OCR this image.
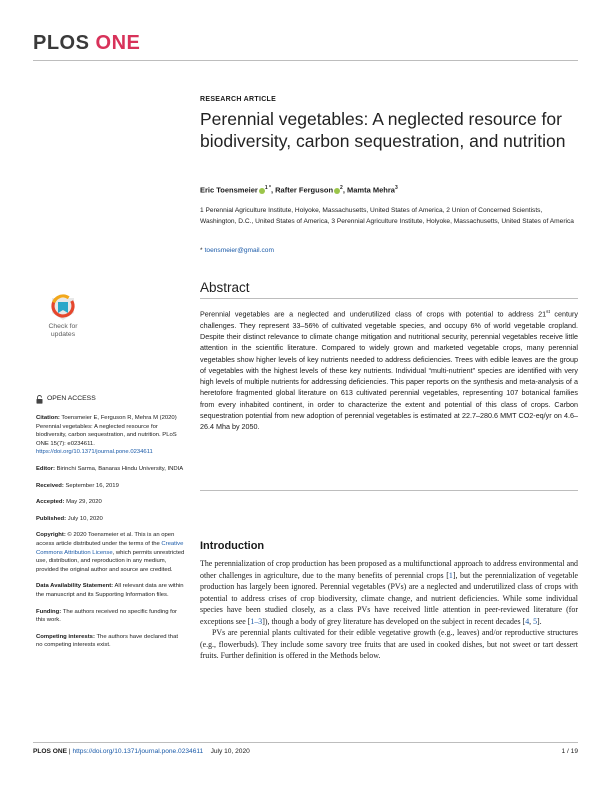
PLOS ONE
RESEARCH ARTICLE
Perennial vegetables: A neglected resource for biodiversity, carbon sequestration, and nutrition
Eric Toensmeier $^{1 *}$, Rafter Ferguson $^2$, Mamta Mehra$^3$
1 Perennial Agriculture Institute, Holyoke, Massachusetts, United States of America, 2 Union of Concerned Scientists, Washington, D.C., United States of America, 3 Perennial Agriculture Institute, Holyoke, Massachusetts, United States of America
* toensmeier@gmail.com
Abstract
Perennial vegetables are a neglected and underutilized class of crops with potential to address 21st century challenges. They represent 33–56% of cultivated vegetable species, and occupy 6% of world vegetable cropland. Despite their distinct relevance to climate change mitigation and nutritional security, perennial vegetables receive little attention in the scientific literature. Compared to widely grown and marketed vegetable crops, many perennial vegetables show higher levels of key nutrients needed to address deficiencies. Trees with edible leaves are the group of vegetables with the highest levels of these key nutrients. Individual “multi-nutrient” species are identified with very high levels of multiple nutrients for addressing deficiencies. This paper reports on the synthesis and meta-analysis of a heretofore fragmented global literature on 613 cultivated perennial vegetables, representing 107 botanical families from every inhabited continent, in order to characterize the extent and potential of this class of crops. Carbon sequestration potential from new adoption of perennial vegetables is estimated at 22.7–280.6 MMT CO2-eq/yr on 4.6–26.4 Mha by 2050.
Introduction

The perennialization of crop production has been proposed as a multifunctional approach to address environmental and other challenges in agriculture, due to the many benefits of perennial crops [1], but the perennialization of vegetable production has largely been ignored. Perennial vegetables (PVs) are a neglected and underutilized class of crops with potential to address crises of crop biodiversity, climate change, and nutrient deficiencies. While some individual species have been studied closely, as a class PVs have received little attention in peer-reviewed literature (for exceptions see [1–3]), though a body of grey literature has developed on the subject in recent decades [4, 5].

PVs are perennial plants cultivated for their edible vegetative growth (e.g., leaves) and/or reproductive structures (e.g., flowerbuds). They include some savory tree fruits that are used in cooked dishes, but not sweet or tart dessert fruits. Further definition is offered in the Methods below.

Check for
updates
OPEN ACCESS
Citation: Toensmeier E, Ferguson R, Mehra M (2020) Perennial vegetables: A neglected resource for biodiversity, carbon sequestration, and nutrition. PLoS ONE 15(7): e0234611. https://doi.org/10.1371/journal.pone.0234611
Editor: Birinchi Sarma, Banaras Hindu University, INDIA
Received: September 16, 2019
Accepted: May 29, 2020
Published: July 10, 2020
Copyright: © 2020 Toensmeier et al. This is an open access article distributed under the terms of the Creative Commons Attribution License, which permits unrestricted use, distribution, and reproduction in any medium, provided the original author and source are credited.
Data Availability Statement: All relevant data are within the manuscript and its Supporting Information files.
Funding: The authors received no specific funding for this work.
Competing interests: The authors have declared that no competing interests exist.
PLOS ONE | https://doi.org/10.1371/journal.pone.0234611 July 10, 2020	1 / 19
